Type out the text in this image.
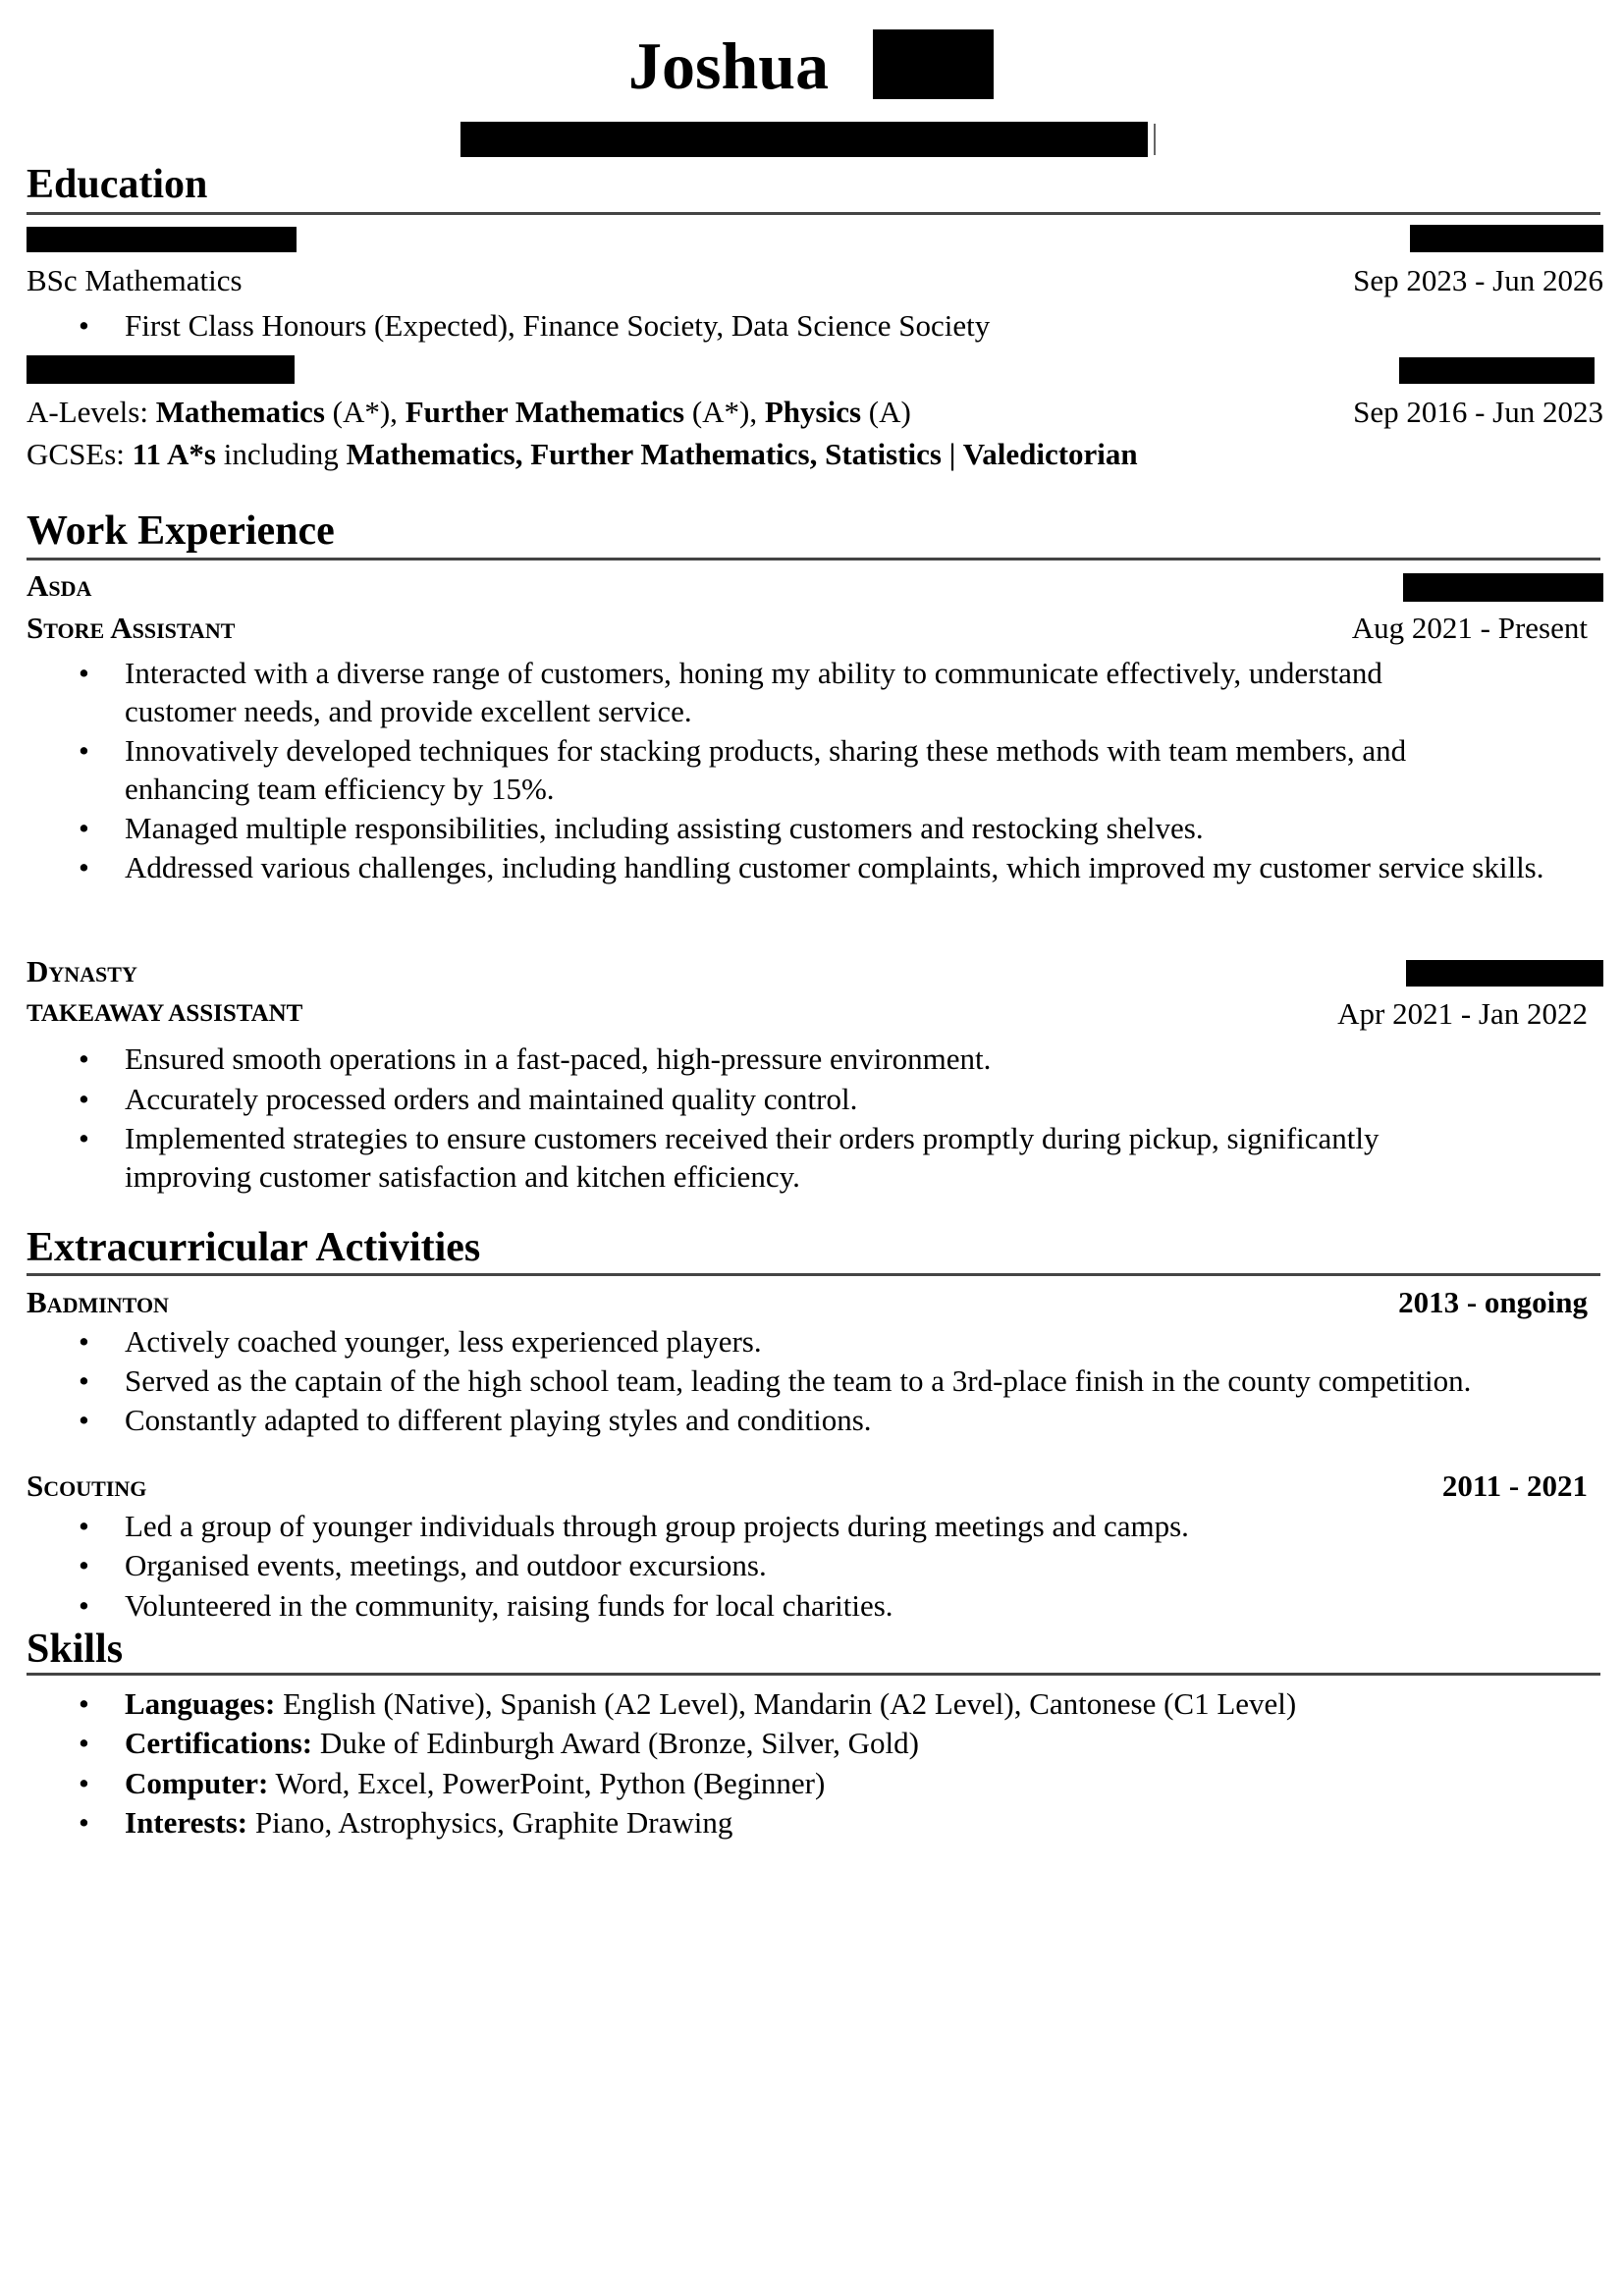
Joshua
Education
BSc Mathematics	Sep 2023 - Jun 2026
• First Class Honours (Expected), Finance Society, Data Science Society
A-Levels: Mathematics (A*), Further Mathematics (A*), Physics (A)	Sep 2016 - Jun 2023
GCSEs: 11 A*s including Mathematics, Further Mathematics, Statistics | Valedictorian
Work Experience
Asda
Store Assistant	Aug 2021 - Present
• Interacted with a diverse range of customers, honing my ability to communicate effectively, understand customer needs, and provide excellent service.
• Innovatively developed techniques for stacking products, sharing these methods with team members, and enhancing team efficiency by 15%.
• Managed multiple responsibilities, including assisting customers and restocking shelves.
• Addressed various challenges, including handling customer complaints, which improved my customer service skills.
Dynasty
TAKEAWAY ASSISTANT	Apr 2021 - Jan 2022
• Ensured smooth operations in a fast-paced, high-pressure environment.
• Accurately processed orders and maintained quality control.
• Implemented strategies to ensure customers received their orders promptly during pickup, significantly improving customer satisfaction and kitchen efficiency.
Extracurricular Activities
Badminton	2013 - ongoing
• Actively coached younger, less experienced players.
• Served as the captain of the high school team, leading the team to a 3rd-place finish in the county competition.
• Constantly adapted to different playing styles and conditions.
Scouting	2011 - 2021
• Led a group of younger individuals through group projects during meetings and camps.
• Organised events, meetings, and outdoor excursions.
• Volunteered in the community, raising funds for local charities.
Skills
• Languages: English (Native), Spanish (A2 Level), Mandarin (A2 Level), Cantonese (C1 Level)
• Certifications: Duke of Edinburgh Award (Bronze, Silver, Gold)
• Computer: Word, Excel, PowerPoint, Python (Beginner)
• Interests: Piano, Astrophysics, Graphite Drawing
